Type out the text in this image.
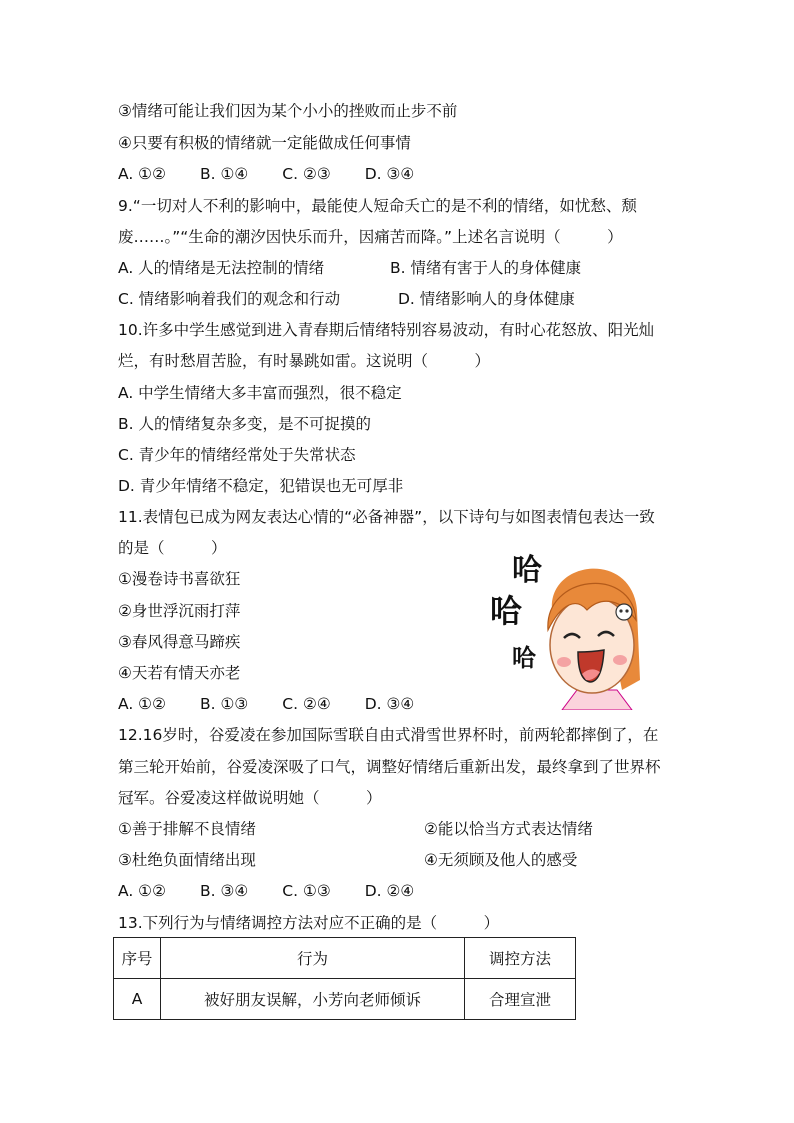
③情绪可能让我们因为某个小小的挫败而止步不前
④只要有积极的情绪就一定能做成任何事情
A. ①② B. ①④ C. ②③ D. ③④
9.“一切对人不利的影响中，最能使人短命夭亡的是不利的情绪，如忧愁、颓
废……。”“生命的潮汐因快乐而升，因痛苦而降。”上述名言说明（　　　）
A. 人的情绪是无法控制的情绪	B. 情绪有害于人的身体健康
C. 情绪影响着我们的观念和行动	D. 情绪影响人的身体健康
10.许多中学生感觉到进入青春期后情绪特别容易波动，有时心花怒放、阳光灿
烂，有时愁眉苦脸，有时暴跳如雷。这说明（　　　）
A. 中学生情绪大多丰富而强烈，很不稳定
B. 人的情绪复杂多变，是不可捉摸的
C. 青少年的情绪经常处于失常状态
D. 青少年情绪不稳定，犯错误也无可厚非
11.表情包已成为网友表达心情的“必备神器”，以下诗句与如图表情包表达一致
的是（　　　）
①漫卷诗书喜欲狂
②身世浮沉雨打萍
③春风得意马蹄疾
④天若有情天亦老
A. ①② B. ①③ C. ②④ D. ③④
哈
哈
哈
12.16岁时，谷爱凌在参加国际雪联自由式滑雪世界杯时，前两轮都摔倒了，在
第三轮开始前，谷爱凌深吸了口气，调整好情绪后重新出发，最终拿到了世界杯
冠军。谷爱凌这样做说明她（　　　）
①善于排解不良情绪	②能以恰当方式表达情绪
③杜绝负面情绪出现	④无须顾及他人的感受
A. ①② B. ③④ C. ①③ D. ②④
13.下列行为与情绪调控方法对应不正确的是（　　　）
序号	行为	调控方法
A	被好朋友误解，小芳向老师倾诉	合理宣泄
